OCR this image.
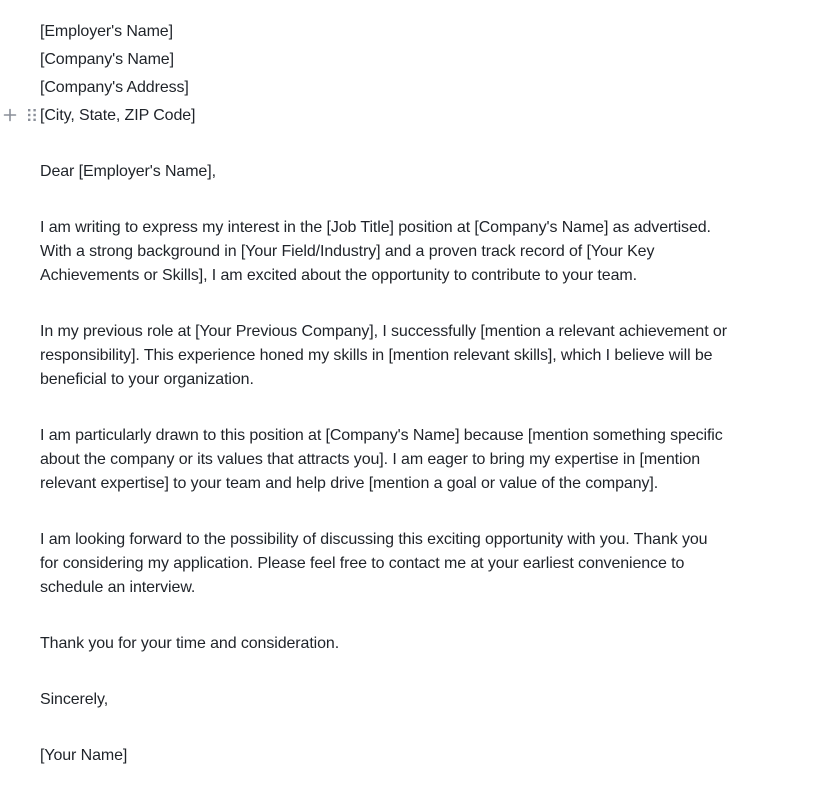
[Employer's Name]
[Company's Name]
[Company's Address]
[City, State, ZIP Code]
Dear [Employer's Name],
I am writing to express my interest in the [Job Title] position at [Company's Name] as advertised.
With a strong background in [Your Field/Industry] and a proven track record of [Your Key
Achievements or Skills], I am excited about the opportunity to contribute to your team.
In my previous role at [Your Previous Company], I successfully [mention a relevant achievement or
responsibility]. This experience honed my skills in [mention relevant skills], which I believe will be
beneficial to your organization.
I am particularly drawn to this position at [Company's Name] because [mention something specific
about the company or its values that attracts you]. I am eager to bring my expertise in [mention
relevant expertise] to your team and help drive [mention a goal or value of the company].
I am looking forward to the possibility of discussing this exciting opportunity with you. Thank you
for considering my application. Please feel free to contact me at your earliest convenience to
schedule an interview.
Thank you for your time and consideration.
Sincerely,
[Your Name]
